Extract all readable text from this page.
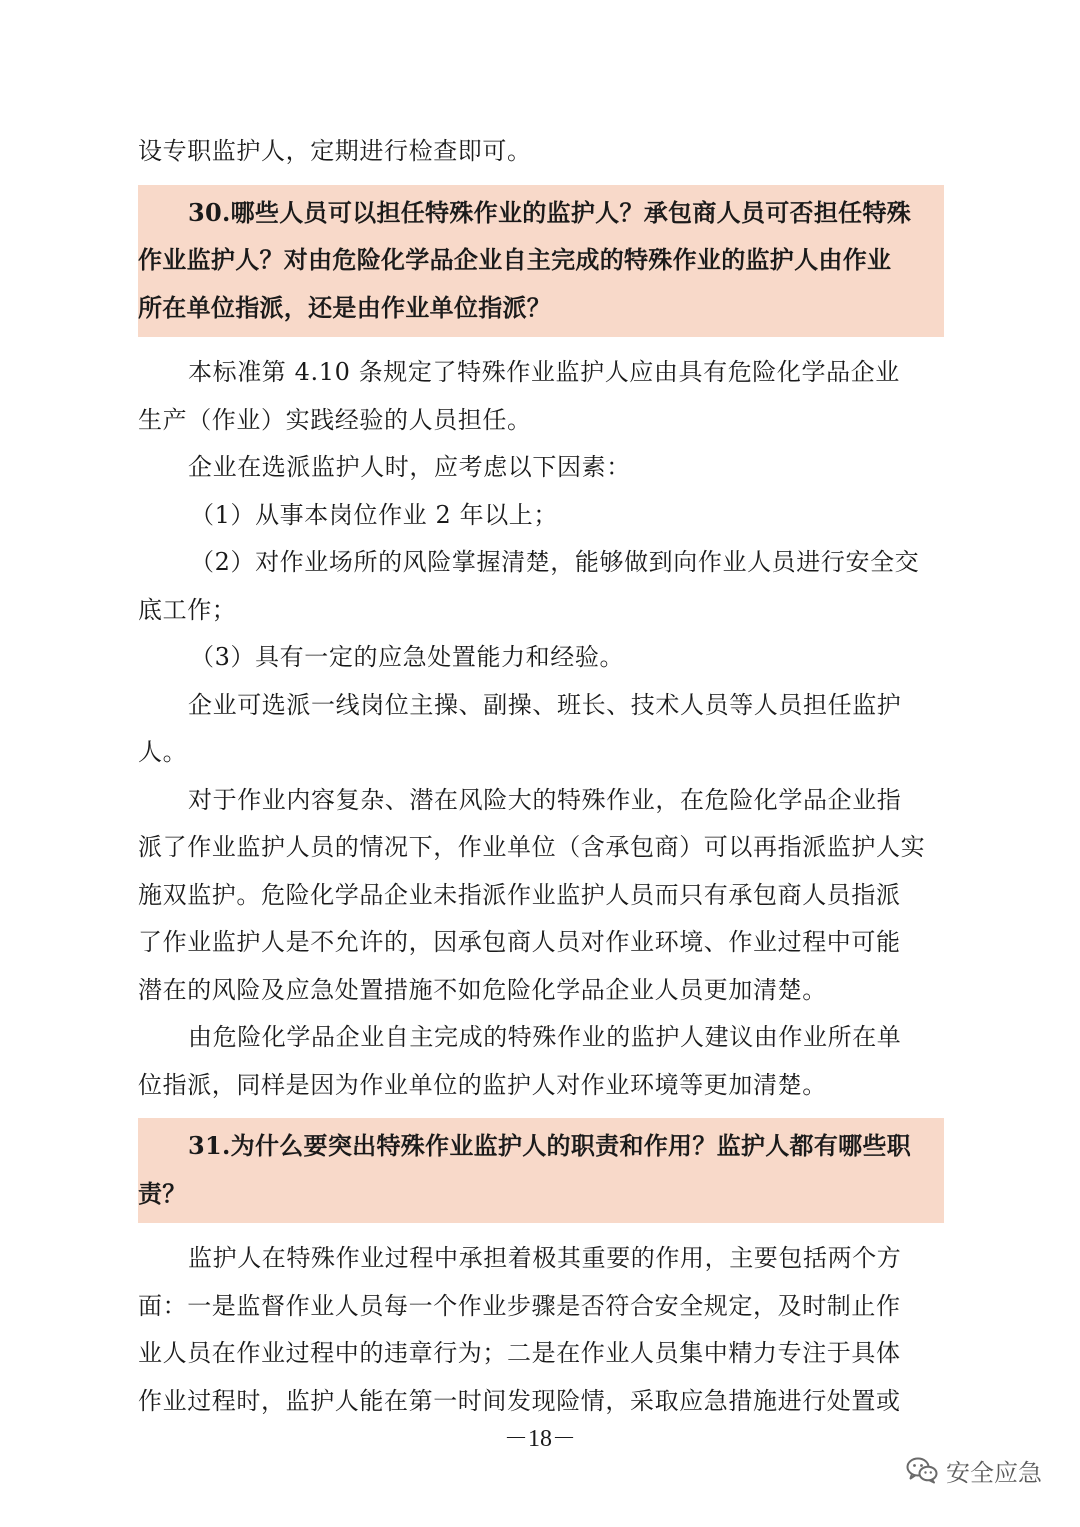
设专职监护人，定期进行检查即可。
30.哪些人员可以担任特殊作业的监护人？承包商人员可否担任特殊
作业监护人？对由危险化学品企业自主完成的特殊作业的监护人由作业
所在单位指派，还是由作业单位指派？
本标准第 4.10 条规定了特殊作业监护人应由具有危险化学品企业
生产（作业）实践经验的人员担任。
企业在选派监护人时，应考虑以下因素：
（1）从事本岗位作业 2 年以上；
（2）对作业场所的风险掌握清楚，能够做到向作业人员进行安全交
底工作；
（3）具有一定的应急处置能力和经验。
企业可选派一线岗位主操、副操、班长、技术人员等人员担任监护
人。
对于作业内容复杂、潜在风险大的特殊作业，在危险化学品企业指
派了作业监护人员的情况下，作业单位（含承包商）可以再指派监护人实
施双监护。危险化学品企业未指派作业监护人员而只有承包商人员指派
了作业监护人是不允许的，因承包商人员对作业环境、作业过程中可能
潜在的风险及应急处置措施不如危险化学品企业人员更加清楚。
由危险化学品企业自主完成的特殊作业的监护人建议由作业所在单
位指派，同样是因为作业单位的监护人对作业环境等更加清楚。
31.为什么要突出特殊作业监护人的职责和作用？监护人都有哪些职
责？
监护人在特殊作业过程中承担着极其重要的作用，主要包括两个方
面：一是监督作业人员每一个作业步骤是否符合安全规定，及时制止作
业人员在作业过程中的违章行为；二是在作业人员集中精力专注于具体
作业过程时，监护人能在第一时间发现险情，采取应急措施进行处置或
－18－
安全应急
